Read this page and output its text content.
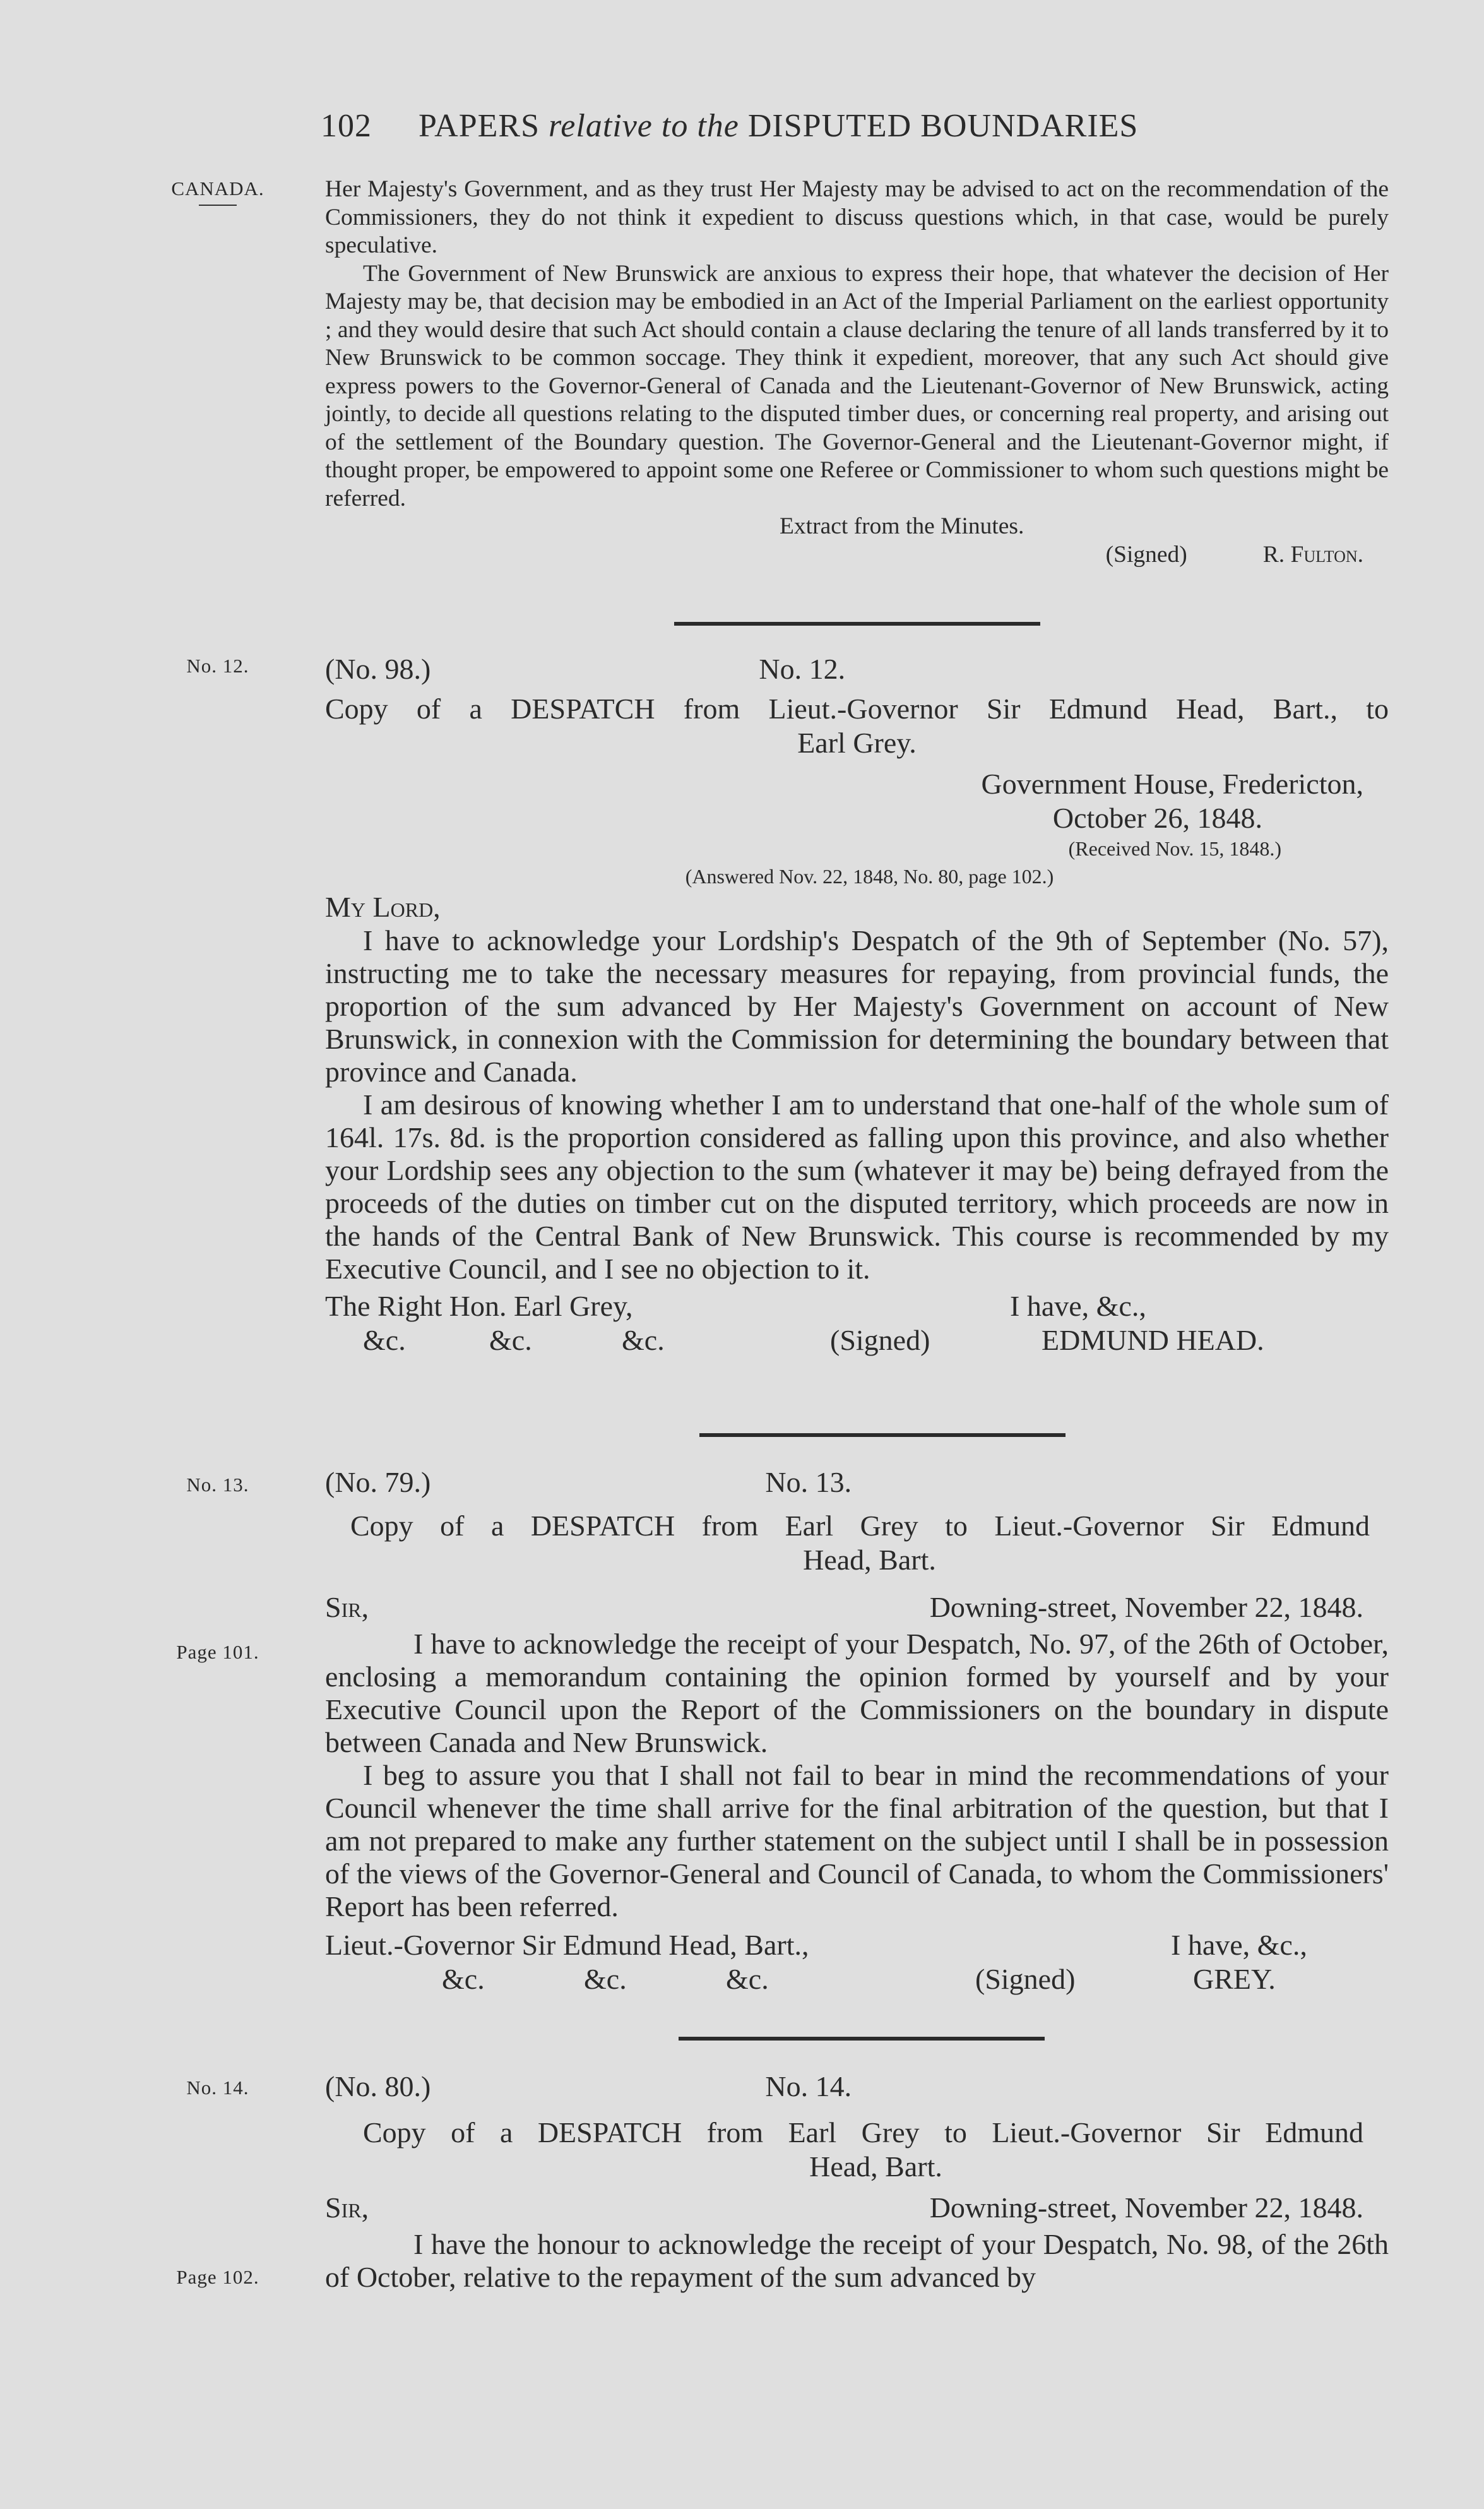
102 PAPERS relative to the DISPUTED BOUNDARIES
CANADA.
No. 12.
No. 13.
Page 101.
No. 14.
Page 102.

Her Majesty's Government, and as they trust Her Majesty may be advised to act on the recommendation of the Commissioners, they do not think it expedient to discuss questions which, in that case, would be purely speculative.

The Government of New Brunswick are anxious to express their hope, that whatever the decision of Her Majesty may be, that decision may be embodied in an Act of the Imperial Parliament on the earliest opportunity ; and they would desire that such Act should contain a clause declaring the tenure of all lands transferred by it to New Brunswick to be common soccage. They think it expedient, moreover, that any such Act should give express powers to the Governor-General of Canada and the Lieutenant-Governor of New Brunswick, acting jointly, to decide all questions relating to the disputed timber dues, or concerning real property, and arising out of the settlement of the Boundary question. The Governor-General and the Lieutenant-Governor might, if thought proper, be empowered to appoint some one Referee or Commissioner to whom such questions might be referred.

Extract from the Minutes.
(Signed)	R. Fulton.
(No. 98.)	No. 12.
Copy of a DESPATCH from Lieut.-Governor Sir Edmund Head, Bart., to
Earl Grey.
Government House, Fredericton,
October 26, 1848.
(Received Nov. 15, 1848.)
(Answered Nov. 22, 1848, No. 80, page 102.)
My Lord,

I have to acknowledge your Lordship's Despatch of the 9th of September (No. 57), instructing me to take the necessary measures for repaying, from provincial funds, the proportion of the sum advanced by Her Majesty's Government on account of New Brunswick, in connexion with the Commission for determining the boundary between that province and Canada.

I am desirous of knowing whether I am to understand that one-half of the whole sum of 164l. 17s. 8d. is the proportion considered as falling upon this province, and also whether your Lordship sees any objection to the sum (whatever it may be) being defrayed from the proceeds of the duties on timber cut on the disputed territory, which proceeds are now in the hands of the Central Bank of New Brunswick. This course is recommended by my Executive Council, and I see no objection to it.

The Right Hon. Earl Grey,	I have, &c.,
&c.	&c.	&c.	(Signed)	EDMUND HEAD.
(No. 79.)	No. 13.
Copy of a DESPATCH from Earl Grey to Lieut.-Governor Sir Edmund
Head, Bart.
Sir,	Downing-street, November 22, 1848.

I have to acknowledge the receipt of your Despatch, No. 97, of the 26th of October, enclosing a memorandum containing the opinion formed by yourself and by your Executive Council upon the Report of the Commissioners on the boundary in dispute between Canada and New Brunswick.

I beg to assure you that I shall not fail to bear in mind the recommendations of your Council whenever the time shall arrive for the final arbitration of the question, but that I am not prepared to make any further statement on the subject until I shall be in possession of the views of the Governor-General and Council of Canada, to whom the Commissioners' Report has been referred.

Lieut.-Governor Sir Edmund Head, Bart.,	I have, &c.,
&c.	&c.	&c.	(Signed)	GREY.
(No. 80.)	No. 14.
Copy of a DESPATCH from Earl Grey to Lieut.-Governor Sir Edmund
Head, Bart.
Sir,	Downing-street, November 22, 1848.

I have the honour to acknowledge the receipt of your Despatch, No. 98, of the 26th of October, relative to the repayment of the sum advanced by
